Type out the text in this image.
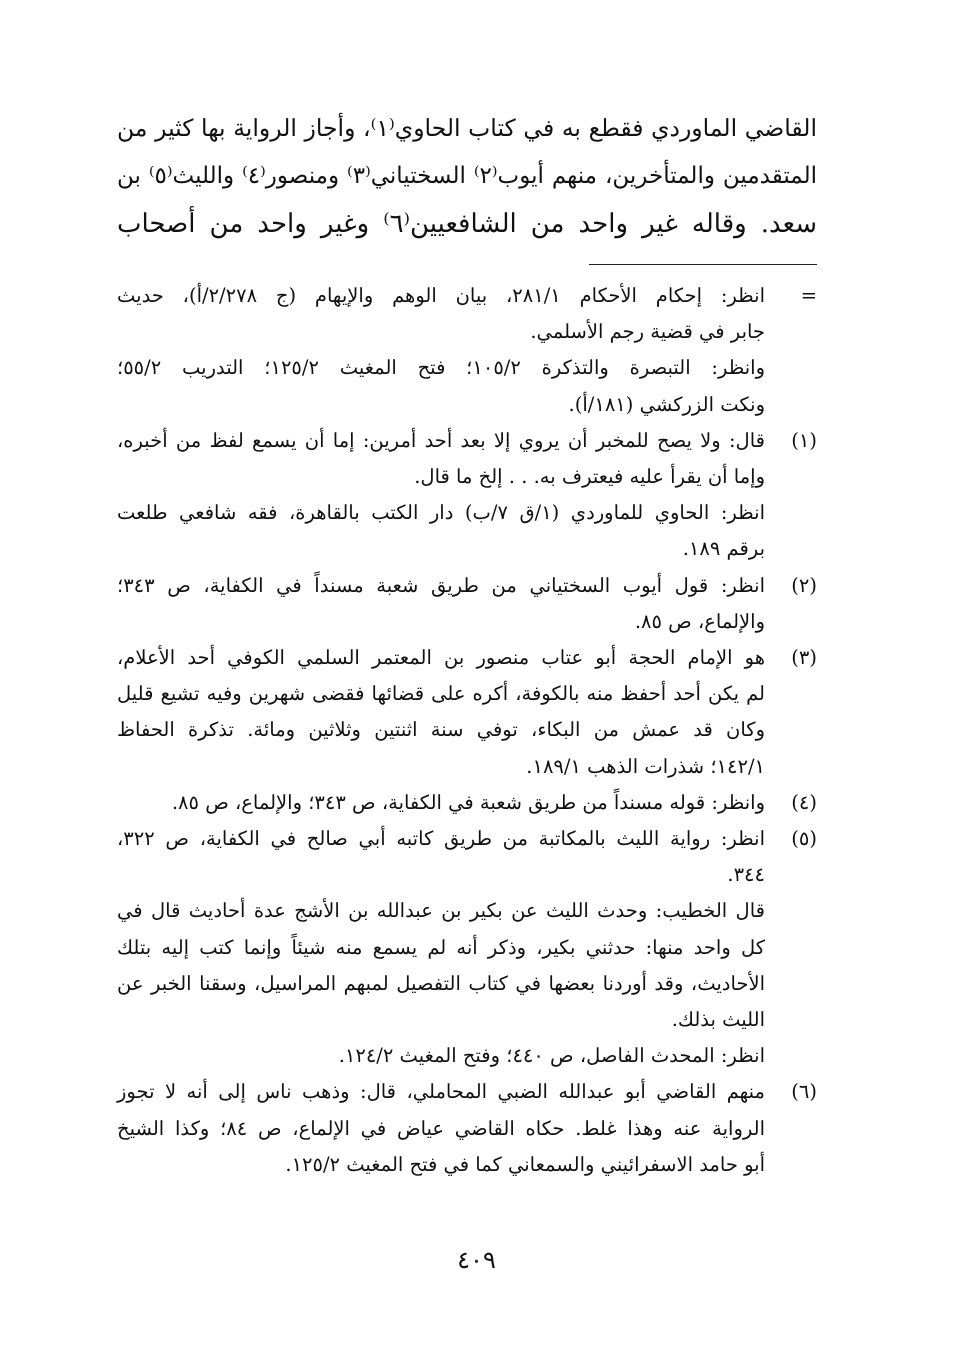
القاضي الماوردي فقطع به في كتاب الحاوي⁽١⁾، وأجاز الرواية بها كثير من

المتقدمين والمتأخرين، منهم أيوب⁽٢⁾ السختياني⁽٣⁾ ومنصور⁽٤⁾ والليث⁽٥⁾ بن

سعد. وقاله غير واحد من الشافعيين⁽٦⁾ وغير واحد من أصحاب

=
انظر: إحكام الأحكام ٢٨١/١، بيان الوهم والإيهام (ج ٢/٢٧٨/أ)، حديث
جابر في قضية رجم الأسلمي.
وانظر: التبصرة والتذكرة ١٠٥/٢؛ فتح المغيث ١٢٥/٢؛ التدريب ٥٥/٢؛
ونكت الزركشي (١٨١/أ).
(١)
قال: ولا يصح للمخبر أن يروي إلا بعد أحد أمرين: إما أن يسمع لفظ من أخبره،
وإما أن يقرأ عليه فيعترف به. . . إلخ ما قال.
انظر: الحاوي للماوردي (١/ق ٧/ب) دار الكتب بالقاهرة، فقه شافعي طلعت
برقم ١٨٩.
(٢)
انظر: قول أيوب السختياني من طريق شعبة مسنداً في الكفاية، ص ٣٤٣؛
والإلماع، ص ٨٥.
(٣)
هو الإمام الحجة أبو عتاب منصور بن المعتمر السلمي الكوفي أحد الأعلام،
لم يكن أحد أحفظ منه بالكوفة، أكره على قضائها فقضى شهرين وفيه تشيع قليل
وكان قد عمش من البكاء، توفي سنة اثنتين وثلاثين ومائة. تذكرة الحفاظ
١٤٢/١؛ شذرات الذهب ١٨٩/١.
(٤)
وانظر: قوله مسنداً من طريق شعبة في الكفاية، ص ٣٤٣؛ والإلماع، ص ٨٥.
(٥)
انظر: رواية الليث بالمكاتبة من طريق كاتبه أبي صالح في الكفاية، ص ٣٢٢،
٣٤٤.
قال الخطيب: وحدث الليث عن بكير بن عبدالله بن الأشج عدة أحاديث قال في
كل واحد منها: حدثني بكير، وذكر أنه لم يسمع منه شيئاً وإنما كتب إليه بتلك
الأحاديث، وقد أوردنا بعضها في كتاب التفصيل لمبهم المراسيل، وسقنا الخبر عن
الليث بذلك.
انظر: المحدث الفاصل، ص ٤٤٠؛ وفتح المغيث ١٢٤/٢.
(٦)
منهم القاضي أبو عبدالله الضبي المحاملي، قال: وذهب ناس إلى أنه لا تجوز
الرواية عنه وهذا غلط. حكاه القاضي عياض في الإلماع، ص ٨٤؛ وكذا الشيخ
أبو حامد الاسفرائيني والسمعاني كما في فتح المغيث ١٢٥/٢.
٤٠٩
